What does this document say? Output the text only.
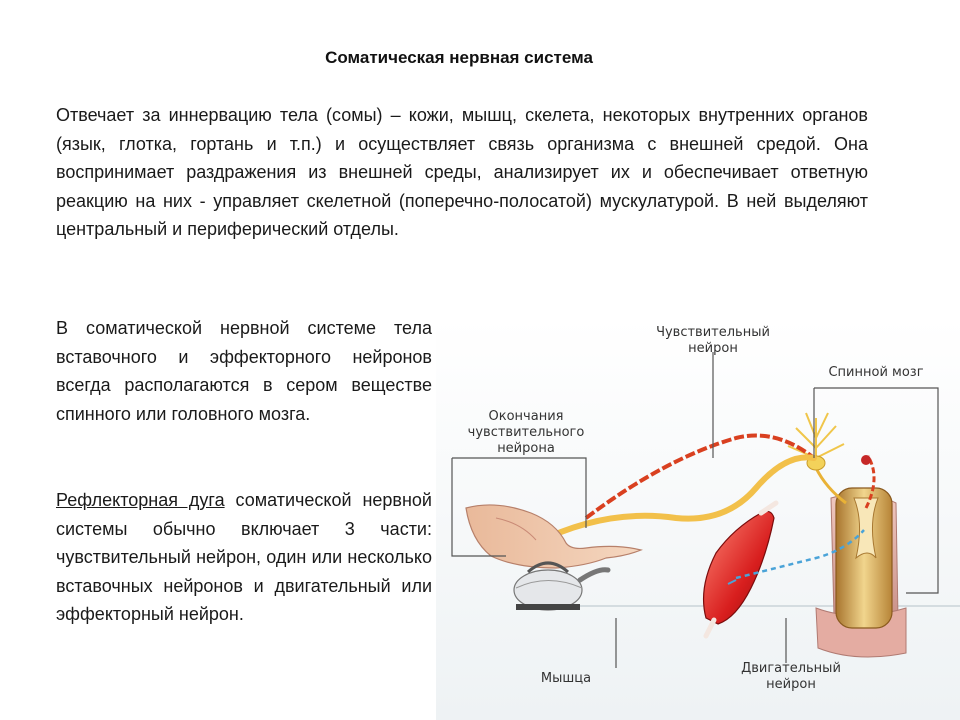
Соматическая нервная система

Отвечает за иннервацию тела (сомы) – кожи, мышц, скелета, некоторых внутренних органов (язык, глотка, гортань и т.п.) и осуществляет связь организма с внешней средой. Она воспринимает раздражения из внешней среды, анализирует их и обеспечивает ответную реакцию на них - управляет скелетной (поперечно-полосатой) мускулатурой. В ней выделяют центральный и периферический отделы.

В соматической нервной системе тела вставочного и эффекторного нейронов всегда располагаются в сером веществе спинного или головного мозга.

Рефлекторная дуга соматической нервной системы обычно включает 3 части: чувствительный нейрон, один или несколько вставочных нейронов и двигательный или эффекторный нейрон.

Чувствительный
нейрон
Спинной мозг
Окончания
чувствительного
нейрона
Мышца
Двигательный
нейрон
